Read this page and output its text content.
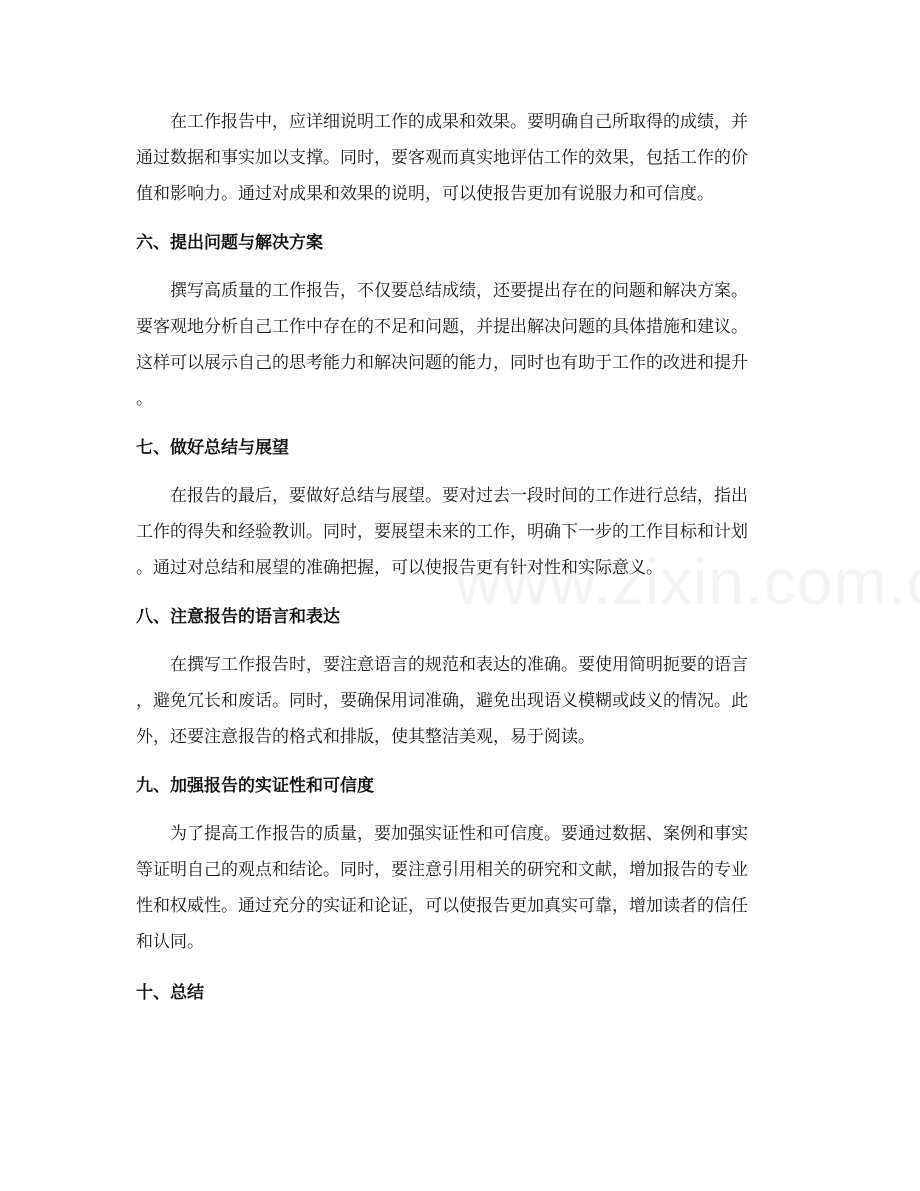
　　在工作报告中，应详细说明工作的成果和效果。要明确自己所取得的成绩，并
通过数据和事实加以支撑。同时，要客观而真实地评估工作的效果，包括工作的价
值和影响力。通过对成果和效果的说明，可以使报告更加有说服力和可信度。

六、提出问题与解决方案

　　撰写高质量的工作报告，不仅要总结成绩，还要提出存在的问题和解决方案。
要客观地分析自己工作中存在的不足和问题，并提出解决问题的具体措施和建议。
这样可以展示自己的思考能力和解决问题的能力，同时也有助于工作的改进和提升
。

七、做好总结与展望

　　在报告的最后，要做好总结与展望。要对过去一段时间的工作进行总结，指出
工作的得失和经验教训。同时，要展望未来的工作，明确下一步的工作目标和计划
。通过对总结和展望的准确把握，可以使报告更有针对性和实际意义。

八、注意报告的语言和表达

　　在撰写工作报告时，要注意语言的规范和表达的准确。要使用简明扼要的语言
，避免冗长和废话。同时，要确保用词准确，避免出现语义模糊或歧义的情况。此
外，还要注意报告的格式和排版，使其整洁美观，易于阅读。

九、加强报告的实证性和可信度

　　为了提高工作报告的质量，要加强实证性和可信度。要通过数据、案例和事实
等证明自己的观点和结论。同时，要注意引用相关的研究和文献，增加报告的专业
性和权威性。通过充分的实证和论证，可以使报告更加真实可靠，增加读者的信任
和认同。

十、总结
